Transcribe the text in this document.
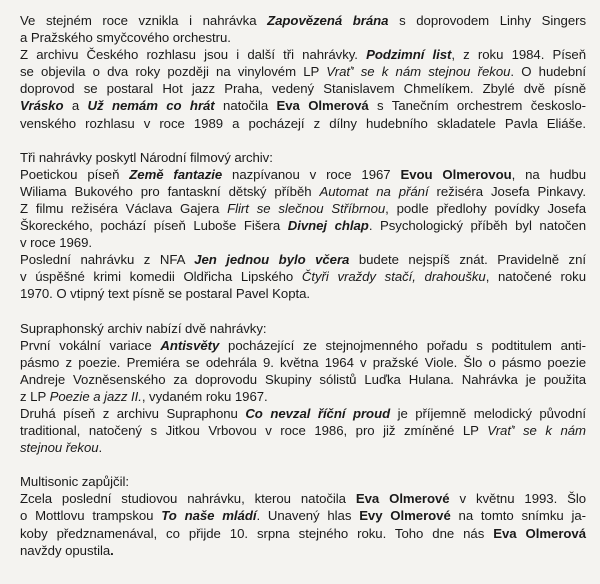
Ve stejném roce vznikla i nahrávka Zapovězená brána s doprovodem Linhy Singers
a Pražského smyčcového orchestru.
Z archivu Českého rozhlasu jsou i další tři nahrávky. Podzimní list, z roku 1984. Píseň
se objevila o dva roky později na vinylovém LP Vrať' se k nám stejnou řekou. O hudební
doprovod se postaral Hot jazz Praha, vedený Stanislavem Chmelíkem. Zbylé dvě písně
Vrásko a Už nemám co hrát natočila Eva Olmerová s Tanečním orchestrem českoslo-
venského rozhlasu v roce 1989 a pocházejí z dílny hudebního skladatele Pavla Eliáše.
Tři nahrávky poskytl Národní filmový archiv:
Poetickou píseň Země fantazie nazpívanou v roce 1967 Evou Olmerovou, na hudbu
Wiliama Bukového pro fantaskní dětský příběh Automat na přání režiséra Josefa Pinkavy.
Z filmu režiséra Václava Gajera Flirt se slečnou Stříbrnou, podle předlohy povídky Josefa
Škoreckého, pochází píseň Luboše Fišera Divnej chlap. Psychologický příběh byl natočen
v roce 1969.
Poslední nahrávku z NFA Jen jednou bylo včera budete nejspíš znát. Pravidelně zní
v úspěšné krimi komedii Oldřicha Lipského Čtyři vraždy stačí, drahoušku, natočené roku
1970. O vtipný text písně se postaral Pavel Kopta.
Supraphonský archiv nabízí dvě nahrávky:
První vokální variace Antisvěty pocházející ze stejnojmenného pořadu s podtitulem anti-
pásmo z poezie. Premiéra se odehrála 9. května 1964 v pražské Viole. Šlo o pásmo poezie
Andreje Vozněsenského za doprovodu Skupiny sólistů Luďka Hulana. Nahrávka je použita
z LP Poezie a jazz II., vydaném roku 1967.
Druhá píseň z archivu Supraphonu Co nevzal říční proud je příjemně melodický původní
traditional, natočený s Jitkou Vrbovou v roce 1986, pro již zmíněné LP Vrať' se k nám
stejnou řekou.
Multisonic zapůjčil:
Zcela poslední studiovou nahrávku, kterou natočila Eva Olmerové v květnu 1993. Šlo
o Mottlovu trampskou To naše mládí. Unavený hlas Evy Olmerové na tomto snímku ja-
koby předznamenával, co přijde 10. srpna stejného roku. Toho dne nás Eva Olmerová
navždy opustila.
